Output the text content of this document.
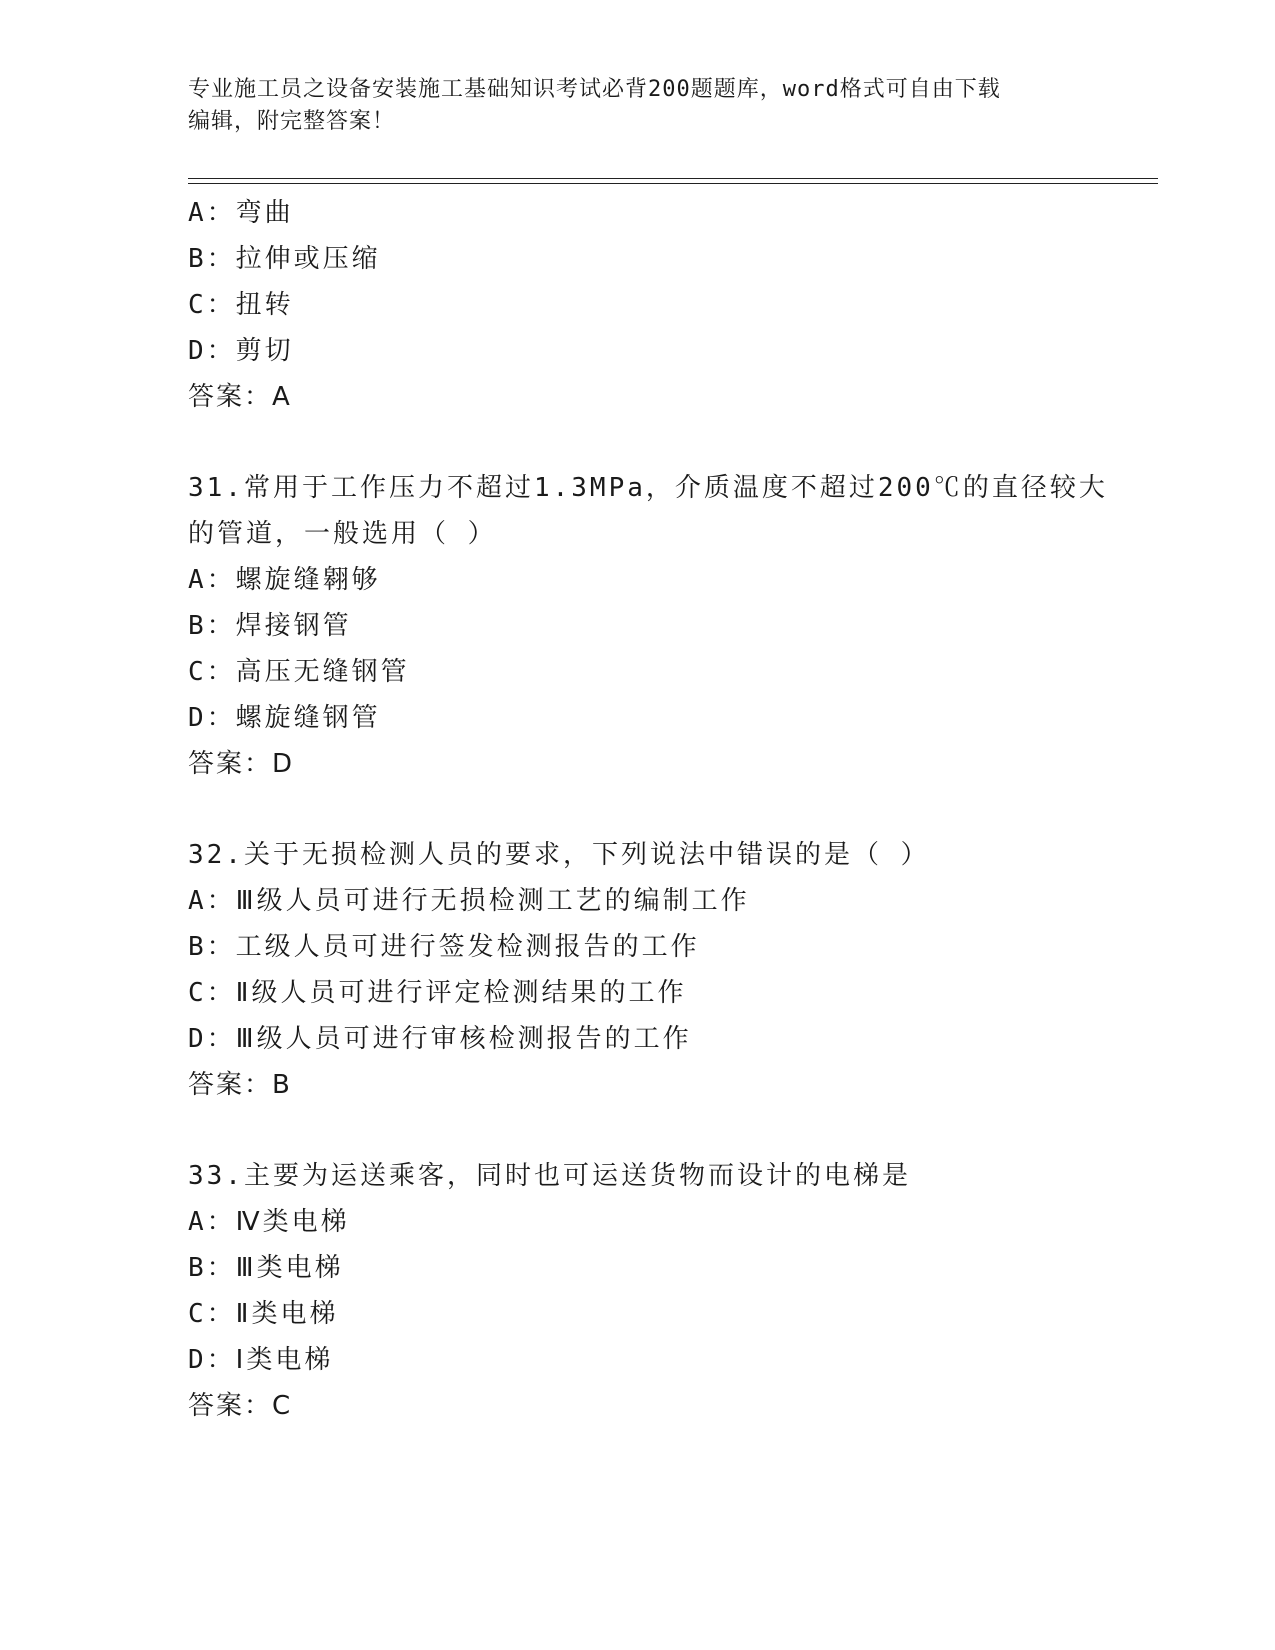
专业施工员之设备安装施工基础知识考试必背200题题库，word格式可自由下载
编辑，附完整答案！
A：弯曲
B：拉伸或压缩
C：扭转
D：剪切
答案：A
31.常用于工作压力不超过1.3MPa，介质温度不超过200℃的直径较大
的管道，一般选用（ ）
A：螺旋缝翱够
B：焊接钢管
C：高压无缝钢管
D：螺旋缝钢管
答案：D
32.关于无损检测人员的要求，下列说法中错误的是（ ）
A：Ⅲ级人员可进行无损检测工艺的编制工作
B：工级人员可进行签发检测报告的工作
C：Ⅱ级人员可进行评定检测结果的工作
D：Ⅲ级人员可进行审核检测报告的工作
答案：B
33.主要为运送乘客，同时也可运送货物而设计的电梯是
A：Ⅳ类电梯
B：Ⅲ类电梯
C：Ⅱ类电梯
D：Ⅰ类电梯
答案：C
